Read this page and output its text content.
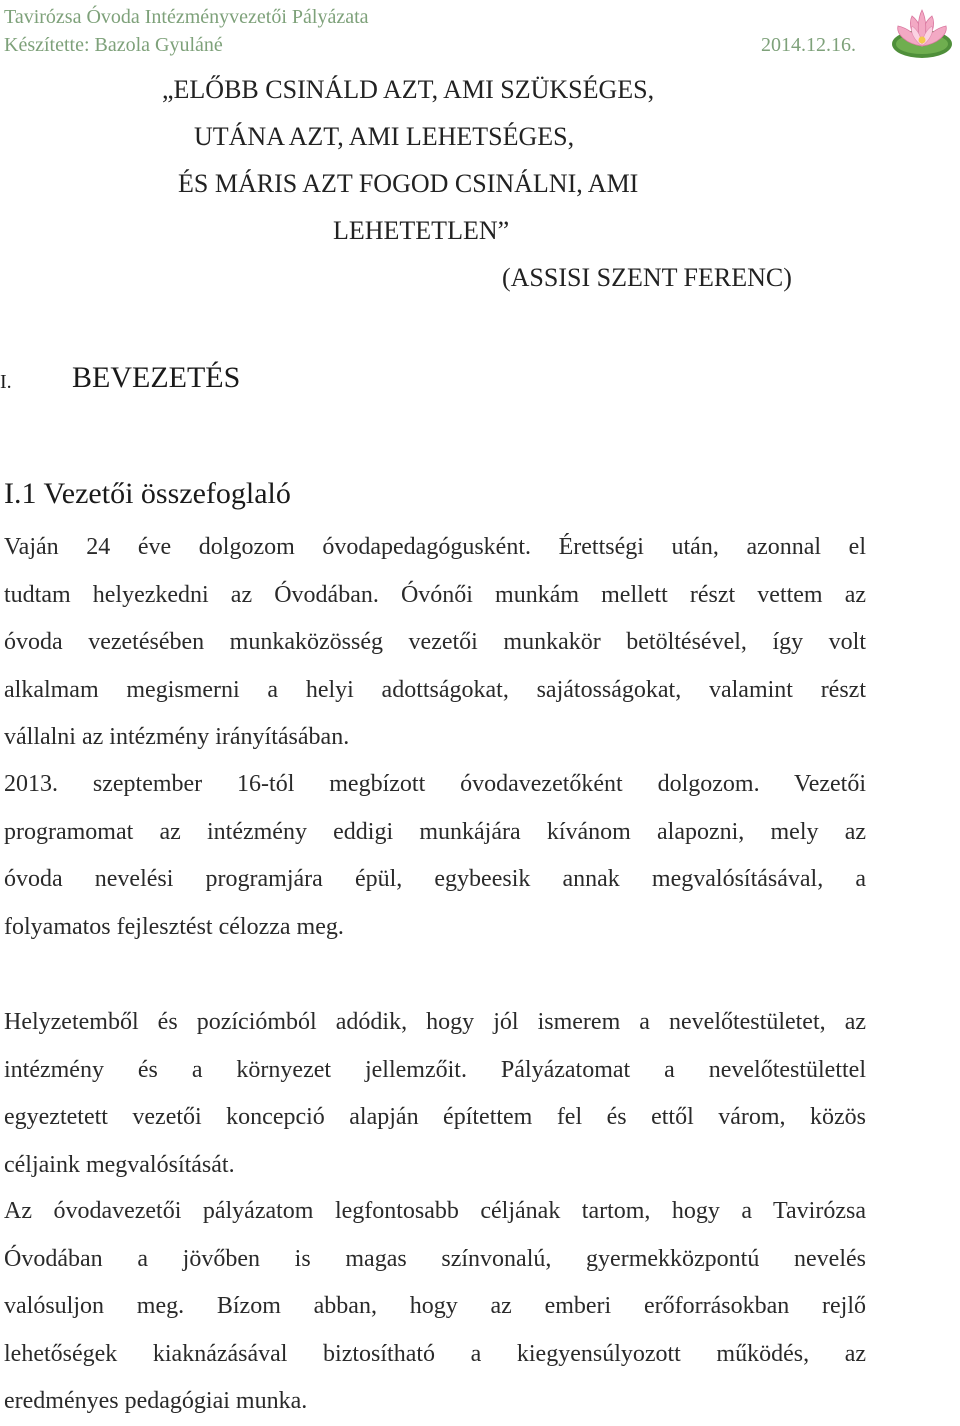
Tavirózsa Óvoda Intézményvezetői Pályázata
Készítette: Bazola Gyuláné	2014.12.16.
„ELŐBB CSINÁLD AZT, AMI SZÜKSÉGES,
UTÁNA AZT, AMI LEHETSÉGES,
ÉS MÁRIS AZT FOGOD CSINÁLNI, AMI
LEHETETLEN”
(ASSISI SZENT FERENC)
I. BEVEZETÉS
I.1 Vezetői összefoglaló
Vaján 24 éve dolgozom óvodapedagógusként. Érettségi után, azonnal el
tudtam helyezkedni az Óvodában. Óvónői munkám mellett részt vettem az
óvoda vezetésében munkaközösség vezetői munkakör betöltésével, így volt
alkalmam megismerni a helyi adottságokat, sajátosságokat, valamint részt
vállalni az intézmény irányításában.
2013. szeptember 16-tól megbízott óvodavezetőként dolgozom. Vezetői
programomat az intézmény eddigi munkájára kívánom alapozni, mely az
óvoda nevelési programjára épül, egybeesik annak megvalósításával, a
folyamatos fejlesztést célozza meg.
Helyzetemből és pozíciómból adódik, hogy jól ismerem a nevelőtestületet, az
intézmény és a környezet jellemzőit. Pályázatomat a nevelőtestülettel
egyeztetett vezetői koncepció alapján építettem fel és ettől várom, közös
céljaink megvalósítását.
Az óvodavezetői pályázatom legfontosabb céljának tartom, hogy a Tavirózsa
Óvodában a jövőben is magas színvonalú, gyermekközpontú nevelés
valósuljon meg. Bízom abban, hogy az emberi erőforrásokban rejlő
lehetőségek kiaknázásával biztosítható a kiegyensúlyozott működés, az
eredményes pedagógiai munka.
